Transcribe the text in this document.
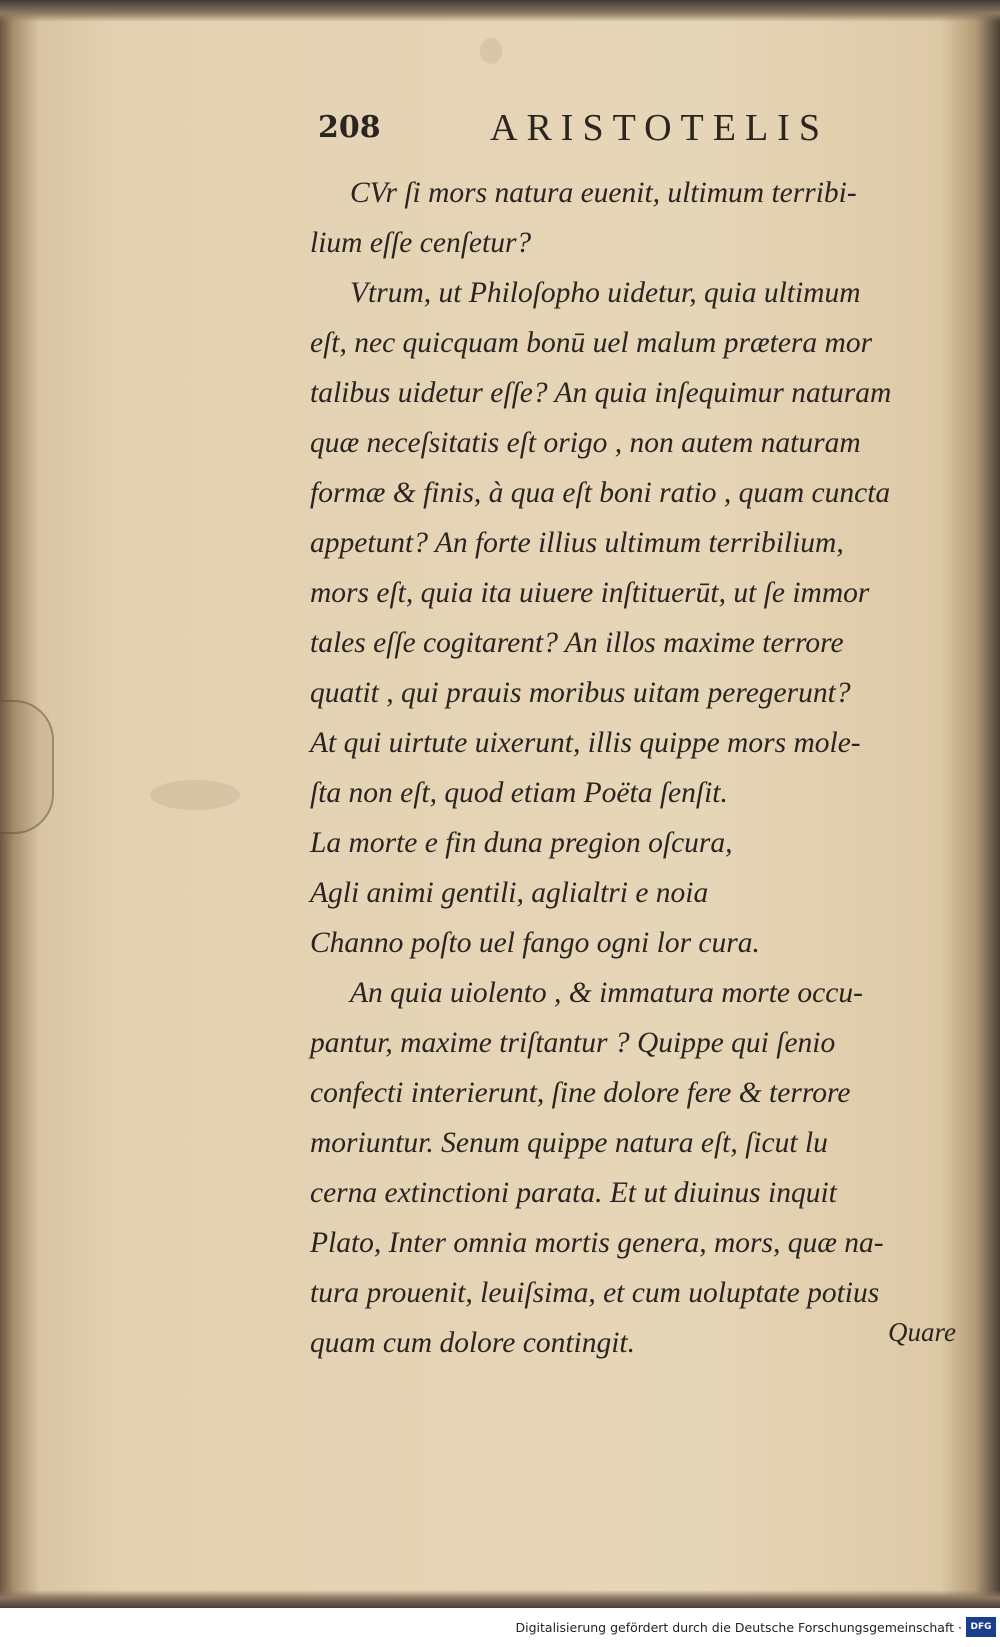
208	ARISTOTELIS
CVr ſi mors natura euenit, ultimum terribi-
lium eſſe cenſetur?
Vtrum, ut Philoſopho uidetur, quia ultimum
eſt, nec quicquam bonū uel malum prætera mor
talibus uidetur eſſe? An quia inſequimur naturam
quæ neceſsitatis eſt origo , non autem naturam
formæ & finis, à qua eſt boni ratio , quam cuncta
appetunt? An forte illius ultimum terribilium,
mors eſt, quia ita uiuere inſtituerūt, ut ſe immor
tales eſſe cogitarent? An illos maxime terrore
quatit , qui prauis moribus uitam peregerunt?
At qui uirtute uixerunt, illis quippe mors mole-
ſta non eſt, quod etiam Poëta ſenſit.
La morte e fin duna pregion oſcura,
Agli animi gentili, aglialtri e noia
Channo poſto uel fango ogni lor cura.
An quia uiolento , & immatura morte occu-
pantur, maxime triſtantur ? Quippe qui ſenio
confecti interierunt, ſine dolore fere & terrore
moriuntur. Senum quippe natura eſt, ſicut lu
cerna extinctioni parata. Et ut diuinus inquit
Plato, Inter omnia mortis genera, mors, quæ na-
tura prouenit, leuiſsima, et cum uoluptate potius
quam cum dolore contingit.	Quare
Digitalisierung gefördert durch die Deutsche Forschungsgemeinschaft · DFG
